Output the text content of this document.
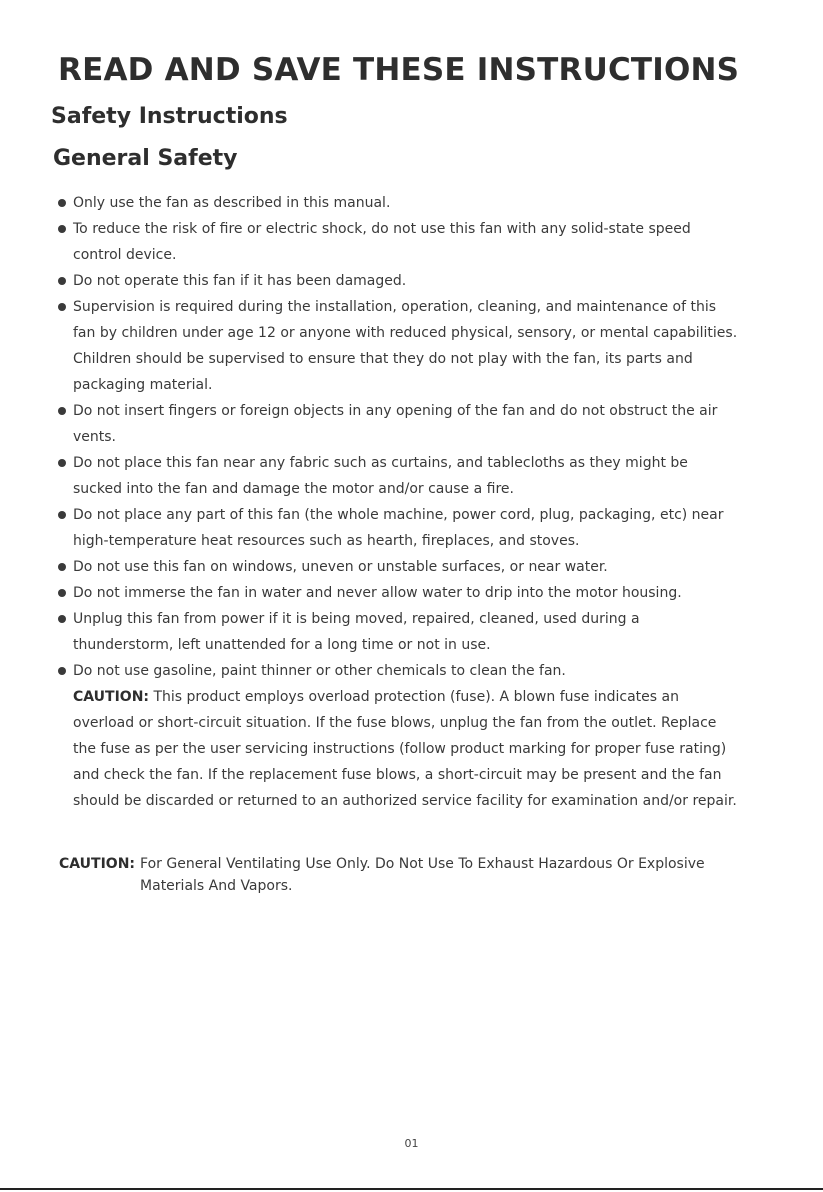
READ AND SAVE THESE INSTRUCTIONS
Safety Instructions
General Safety
Only use the fan as described in this manual.
To reduce the risk of fire or electric shock, do not use this fan with any solid-state speed control device.
Do not operate this fan if it has been damaged.
Supervision is required during the installation, operation, cleaning, and maintenance of this fan by children under age 12 or anyone with reduced physical, sensory, or mental capabilities. Children should be supervised to ensure that they do not play with the fan, its parts and packaging material.
Do not insert fingers or foreign objects in any opening of the fan and do not obstruct the air vents.
Do not place this fan near any fabric such as curtains, and tablecloths as they might be sucked into the fan and damage the motor and/or cause a fire.
Do not place any part of this fan (the whole machine, power cord, plug, packaging, etc) near high-temperature heat resources such as hearth, fireplaces, and stoves.
Do not use this fan on windows, uneven or unstable surfaces, or near water.
Do not immerse the fan in water and never allow water to drip into the motor housing.
Unplug this fan from power if it is being moved, repaired, cleaned, used during a thunderstorm, left unattended for a long time or not in use.
Do not use gasoline, paint thinner or other chemicals to clean the fan.
CAUTION: This product employs overload protection (fuse). A blown fuse indicates an overload or short-circuit situation. If the fuse blows, unplug the fan from the outlet. Replace the fuse as per the user servicing instructions (follow product marking for proper fuse rating) and check the fan. If the replacement fuse blows, a short-circuit may be present and the fan should be discarded or returned to an authorized service facility for examination and/or repair.
CAUTION: For General Ventilating Use Only. Do Not Use To Exhaust Hazardous Or Explosive Materials And Vapors.
01
